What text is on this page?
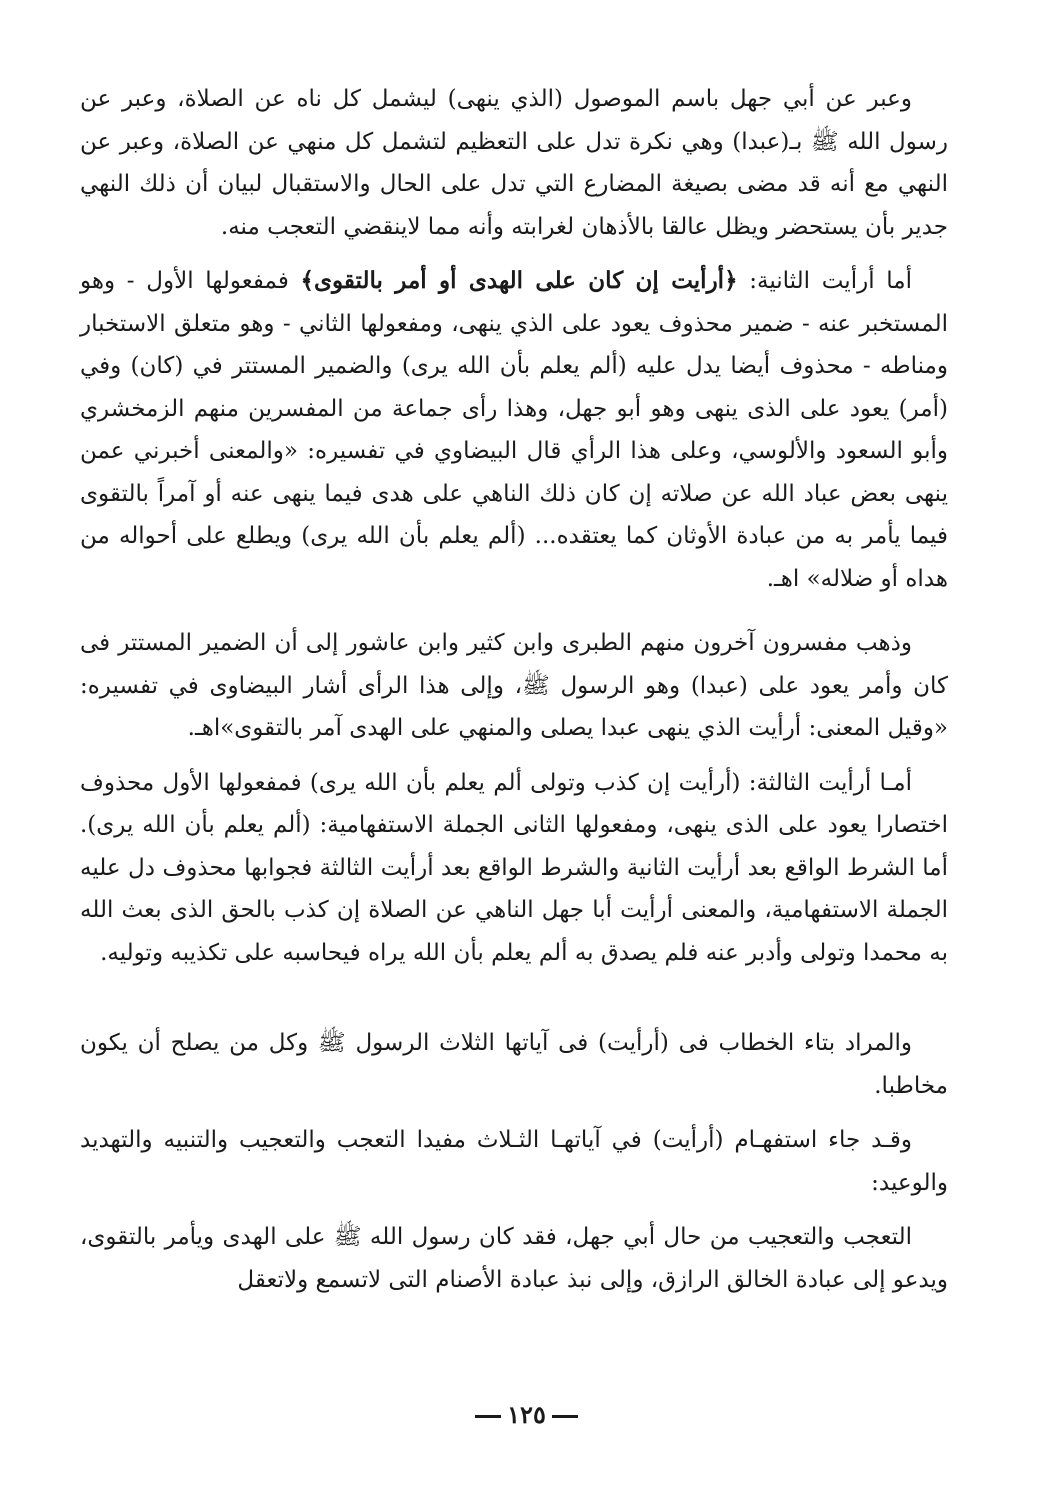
وعبر عن أبي جهل باسم الموصول (الذي ينهى) ليشمل كل ناه عن الصلاة، وعبر عن رسول الله ﷺ بـ(عبدا) وهي نكرة تدل على التعظيم لتشمل كل منهي عن الصلاة، وعبر عن النهي مع أنه قد مضى بصيغة المضارع التي تدل على الحال والاستقبال لبيان أن ذلك النهي جدير بأن يستحضر ويظل عالقا بالأذهان لغرابته وأنه مما لاينقضي التعجب منه.

أما أرأيت الثانية: ﴿أرأيت إن كان على الهدى أو أمر بالتقوى﴾ فمفعولها الأول - وهو المستخبر عنه - ضمير محذوف يعود على الذي ينهى، ومفعولها الثاني - وهو متعلق الاستخبار ومناطه - محذوف أيضا يدل عليه (ألم يعلم بأن الله يرى) والضمير المستتر في (كان) وفي (أمر) يعود على الذى ينهى وهو أبو جهل، وهذا رأى جماعة من المفسرين منهم الزمخشري وأبو السعود والألوسي، وعلى هذا الرأي قال البيضاوي في تفسيره: «والمعنى أخبرني عمن ينهى بعض عباد الله عن صلاته إن كان ذلك الناهي على هدى فيما ينهى عنه أو آمراً بالتقوى فيما يأمر به من عبادة الأوثان كما يعتقده... (ألم يعلم بأن الله يرى) ويطلع على أحواله من هداه أو ضلاله» اهـ.

وذهب مفسرون آخرون منهم الطبرى وابن كثير وابن عاشور إلى أن الضمير المستتر فى كان وأمر يعود على (عبدا) وهو الرسول ﷺ، وإلى هذا الرأى أشار البيضاوى في تفسيره: «وقيل المعنى: أرأيت الذي ينهى عبدا يصلى والمنهي على الهدى آمر بالتقوى»اهـ.

أمـا أرأيت الثالثة: (أرأيت إن كذب وتولى ألم يعلم بأن الله يرى) فمفعولها الأول محذوف اختصارا يعود على الذى ينهى، ومفعولها الثانى الجملة الاستفهامية: (ألم يعلم بأن الله يرى). أما الشرط الواقع بعد أرأيت الثانية والشرط الواقع بعد أرأيت الثالثة فجوابها محذوف دل عليه الجملة الاستفهامية، والمعنى أرأيت أبا جهل الناهي عن الصلاة إن كذب بالحق الذى بعث الله به محمدا وتولى وأدبر عنه فلم يصدق به ألم يعلم بأن الله يراه فيحاسبه على تكذيبه وتوليه.

والمراد بتاء الخطاب فى (أرأيت) فى آياتها الثلاث الرسول ﷺ وكل من يصلح أن يكون مخاطبا.

وقـد جاء استفهـام (أرأيت) في آياتهـا الثـلاث مفيدا التعجب والتعجيب والتنبيه والتهديد والوعيد:

التعجب والتعجيب من حال أبي جهل، فقد كان رسول الله ﷺ على الهدى ويأمر بالتقوى، ويدعو إلى عبادة الخالق الرازق، وإلى نبذ عبادة الأصنام التى لاتسمع ولاتعقل

١٢٥
